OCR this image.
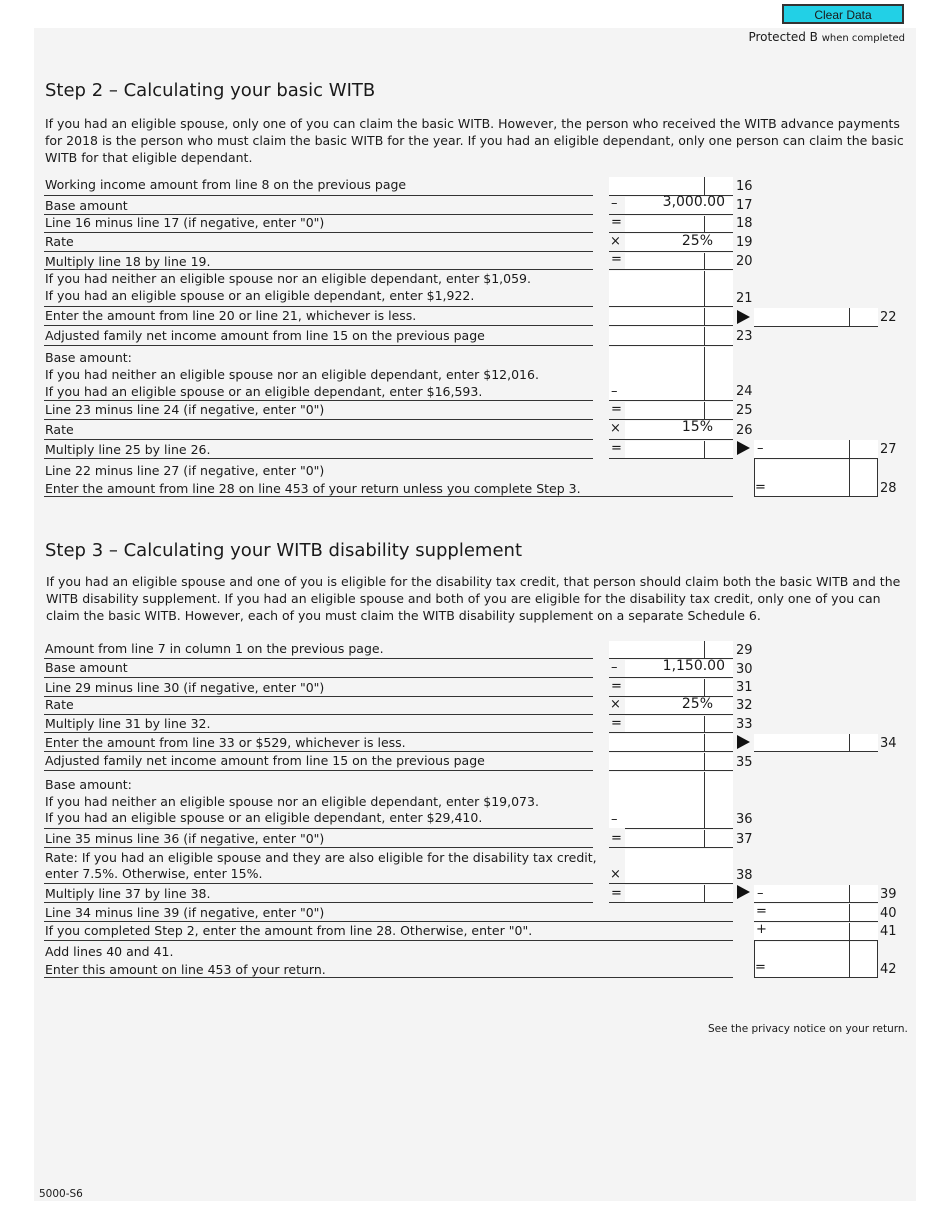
Clear Data
Protected B when completed
Step 2 – Calculating your basic WITB
If you had an eligible spouse, only one of you can claim the basic WITB. However, the person who received the WITB advance payments for 2018 is the person who must claim the basic WITB for the year. If you had an eligible dependant, only one person can claim the basic WITB for that eligible dependant.
Working income amount from line 8 on the previous page
Base amount
Line 16 minus line 17 (if negative, enter "0")
Rate
Multiply line 18 by line 19.
If you had neither an eligible spouse nor an eligible dependant, enter $1,059.
If you had an eligible spouse or an eligible dependant, enter $1,922.
Enter the amount from line 20 or line 21, whichever is less.
Adjusted family net income amount from line 15 on the previous page
Base amount:
If you had neither an eligible spouse nor an eligible dependant, enter $12,016.
If you had an eligible spouse or an eligible dependant, enter $16,593.
Line 23 minus line 24 (if negative, enter "0")
Rate
Multiply line 25 by line 26.
Line 22 minus line 27 (if negative, enter "0")
Enter the amount from line 28 on line 453 of your return unless you complete Step 3.
–
=
×
=
–
=
×
=
3,000.00
25%
15%
16
17
18
19
20
21
22
23
24
25
26
27
28
–
=
Step 3 – Calculating your WITB disability supplement
If you had an eligible spouse and one of you is eligible for the disability tax credit, that person should claim both the basic WITB and the WITB disability supplement. If you had an eligible spouse and both of you are eligible for the disability tax credit, only one of you can claim the basic WITB. However, each of you must claim the WITB disability supplement on a separate Schedule 6.
Amount from line 7 in column 1 on the previous page.
Base amount
Line 29 minus line 30 (if negative, enter "0")
Rate
Multiply line 31 by line 32.
Enter the amount from line 33 or $529, whichever is less.
Adjusted family net income amount from line 15 on the previous page
Base amount:
If you had neither an eligible spouse nor an eligible dependant, enter $19,073.
If you had an eligible spouse or an eligible dependant, enter $29,410.
Line 35 minus line 36 (if negative, enter "0")
Rate: If you had an eligible spouse and they are also eligible for the disability tax credit,
enter 7.5%. Otherwise, enter 15%.
Multiply line 37 by line 38.
Line 34 minus line 39 (if negative, enter "0")
If you completed Step 2, enter the amount from line 28. Otherwise, enter "0".
Add lines 40 and 41.
Enter this amount on line 453 of your return.
–
=
×
=
–
=
×
=
1,150.00
25%
29
30
31
32
33
34
35
36
37
38
39
40
41
42
–
=
+
=
See the privacy notice on your return.
5000-S6
